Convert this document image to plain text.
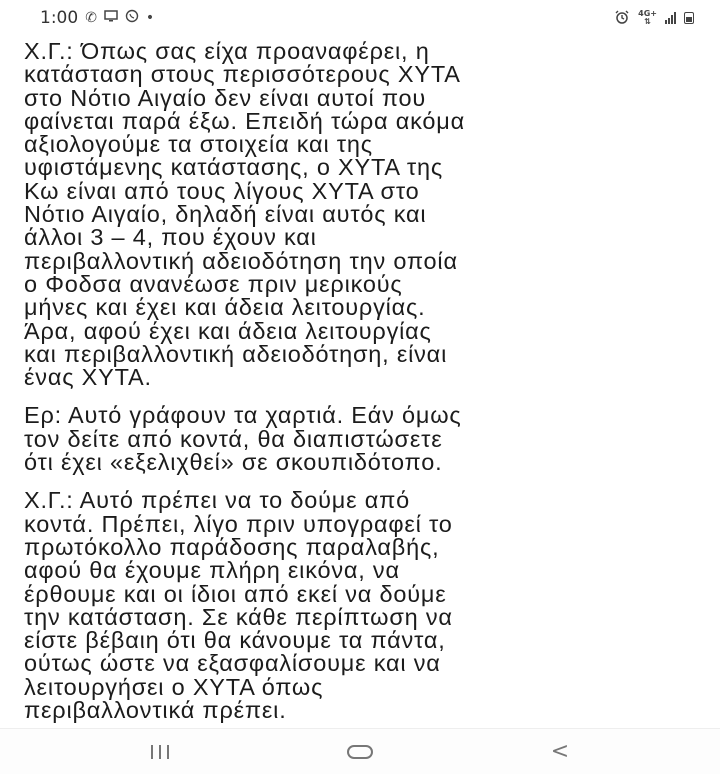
1:00 ✆	•	4G+
⇅

Χ.Γ.: Όπως σας είχα προαναφέρει, η
κατάσταση στους περισσότερους ΧΥΤΑ
στο Νότιο Αιγαίο δεν είναι αυτοί που
φαίνεται παρά έξω. Επειδή τώρα ακόμα
αξιολογούμε τα στοιχεία και της
υφιστάμενης κατάστασης, ο ΧΥΤΑ της
Κω είναι από τους λίγους ΧΥΤΑ στο
Νότιο Αιγαίο, δηλαδή είναι αυτός και
άλλοι 3 – 4, που έχουν και
περιβαλλοντική αδειοδότηση την οποία
ο Φοδσα ανανέωσε πριν μερικούς
μήνες και έχει και άδεια λειτουργίας.
Άρα, αφού έχει και άδεια λειτουργίας
και περιβαλλοντική αδειοδότηση, είναι
ένας ΧΥΤΑ.

Ερ: Αυτό γράφουν τα χαρτιά. Εάν όμως
τον δείτε από κοντά, θα διαπιστώσετε
ότι έχει «εξελιχθεί» σε σκουπιδότοπο.

Χ.Γ.: Αυτό πρέπει να το δούμε από
κοντά. Πρέπει, λίγο πριν υπογραφεί το
πρωτόκολλο παράδοσης παραλαβής,
αφού θα έχουμε πλήρη εικόνα, να
έρθουμε και οι ίδιοι από εκεί να δούμε
την κατάσταση. Σε κάθε περίπτωση να
είστε βέβαιη ότι θα κάνουμε τα πάντα,
ούτως ώστε να εξασφαλίσουμε και να
λειτουργήσει ο ΧΥΤΑ όπως
περιβαλλοντικά πρέπει.

<
